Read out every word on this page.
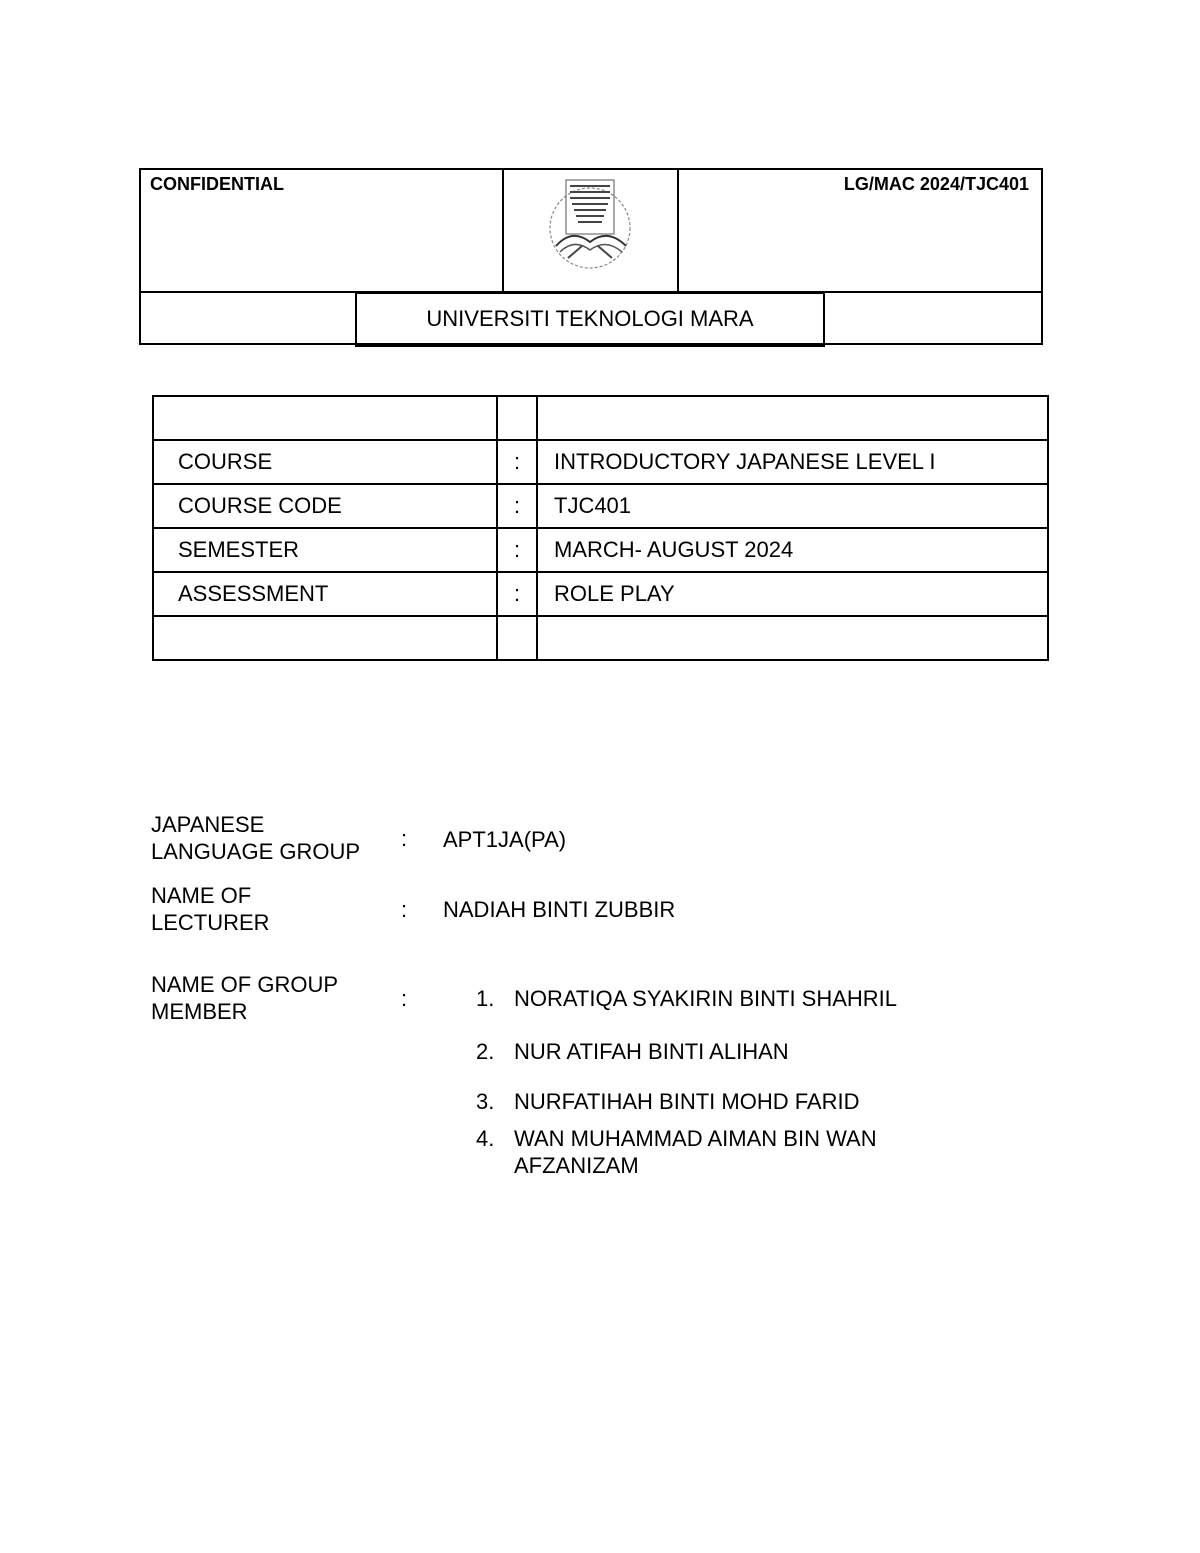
CONFIDENTIAL	LG/MAC 2024/TJC401
UNIVERSITI TEKNOLOGI MARA

COURSE	:	INTRODUCTORY JAPANESE LEVEL I
COURSE CODE	:	TJC401
SEMESTER	:	MARCH- AUGUST 2024
ASSESSMENT	:	ROLE PLAY

JAPANESE
LANGUAGE GROUP
: APT1JA(PA)
NAME OF
LECTURER
: NADIAH BINTI ZUBBIR
NAME OF GROUP
MEMBER
:	1. NORATIQA SYAKIRIN BINTI SHAHRIL
2. NUR ATIFAH BINTI ALIHAN
3. NURFATIHAH BINTI MOHD FARID
4. WAN MUHAMMAD AIMAN BIN WAN AFZANIZAM
